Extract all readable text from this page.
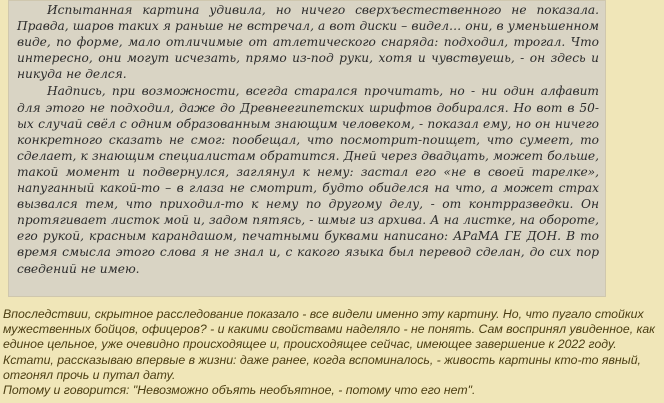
Испытанная картина удивила, но ничего сверхъестественного не показала. Правда, шаров таких я раньше не встречал, а вот диски – видел… они, в уменьшенном виде, по форме, мало отличимые от атлетического снаряда: подходил, трогал. Что интересно, они могут исчезать, прямо из-под руки, хотя и чувствуешь, - он здесь и никуда не делся.

Надпись, при возможности, всегда старался прочитать, но - ни один алфавит для этого не подходил, даже до Древнеегипетских шрифтов добирался. Но вот в 50-ых случай свёл с одним образованным знающим человеком, - показал ему, но он ничего конкретного сказать не смог: пообещал, что посмотрит-поищет, что сумеет, то сделает, к знающим специалистам обратится. Дней через двадцать, может больше, такой момент и подвернулся, заглянул к нему: застал его «не в своей тарелке», напуганный какой-то – в глаза не смотрит, будто обиделся на что, а может страх вызвался тем, что приходил-то к нему по другому делу, - от контрразведки. Он протягивает листок мой и, задом пятясь, - шмыг из архива. А на листке, на обороте, его рукой, красным карандашом, печатными буквами написано: АРаМА ГЕ ДОН. В то время смысла этого слова я не знал и, с какого языка был перевод сделан, до сих пор сведений не имею.

Впоследствии, скрытное расследование показало - все видели именно эту картину. Но, что пугало стойких мужественных бойцов, офицеров? - и какими свойствами наделяло - не понять. Сам воспринял увиденное, как единое цельное, уже очевидно происходящее и, происходящее сейчас, имеющее завершение к 2022 году. Кстати, рассказываю впервые в жизни: даже ранее, когда вспоминалось, - живость картины кто-то явный, отгонял прочь и путал дату.

Потому и говорится: "Невозможно объять необъятное, - потому что его нет".
